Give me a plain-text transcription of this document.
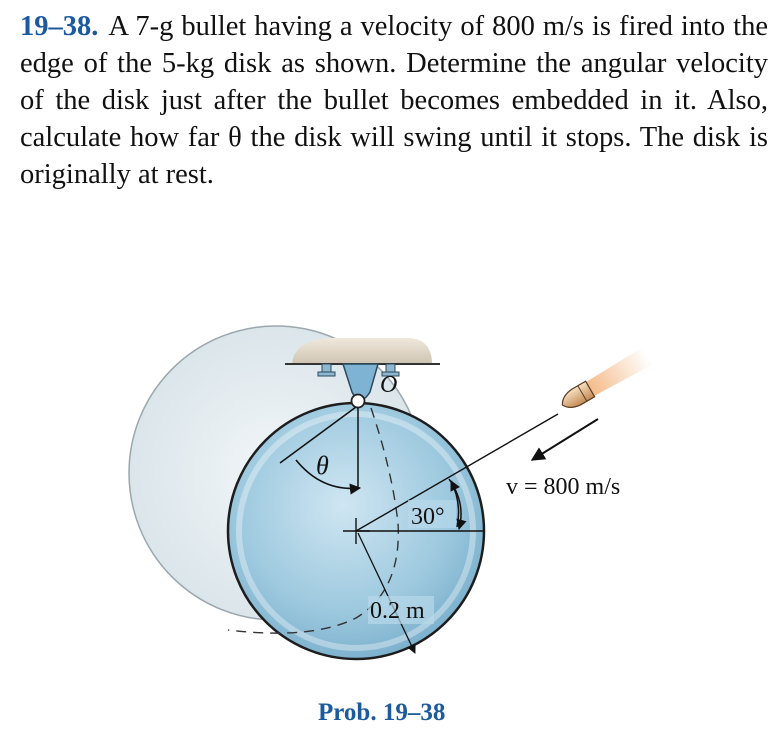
19–38. A 7-g bullet having a velocity of 800 m/s is fired into the edge of the 5-kg disk as shown. Determine the angular velocity of the disk just after the bullet becomes embedded in it. Also, calculate how far θ the disk will swing until it stops. The disk is originally at rest.
O
θ
30°
0.2 m
v = 800 m/s
Prob. 19–38
